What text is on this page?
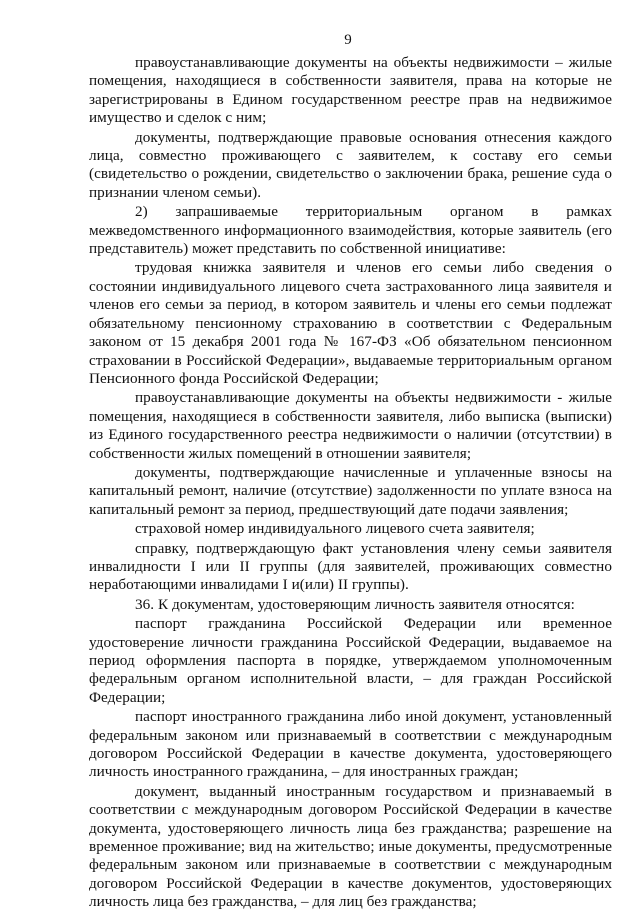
9

правоустанавливающие документы на объекты недвижимости – жилые помещения, находящиеся в собственности заявителя, права на которые не зарегистрированы в Едином государственном реестре прав на недвижимое имущество и сделок с ним;

документы, подтверждающие правовые основания отнесения каждого лица, совместно проживающего с заявителем, к составу его семьи (свидетельство о рождении, свидетельство о заключении брака, решение суда о признании членом семьи).

2) запрашиваемые территориальным органом в рамках межведомственного информационного взаимодействия, которые заявитель (его представитель) может представить по собственной инициативе:

трудовая книжка заявителя и членов его семьи либо сведения о состоянии индивидуального лицевого счета застрахованного лица заявителя и членов его семьи за период, в котором заявитель и члены его семьи подлежат обязательному пенсионному страхованию в соответствии с Федеральным законом от 15 декабря 2001 года № 167-ФЗ «Об обязательном пенсионном страховании в Российской Федерации», выдаваемые территориальным органом Пенсионного фонда Российской Федерации;

правоустанавливающие документы на объекты недвижимости - жилые помещения, находящиеся в собственности заявителя, либо выписка (выписки) из Единого государственного реестра недвижимости о наличии (отсутствии) в собственности жилых помещений в отношении заявителя;

документы, подтверждающие начисленные и уплаченные взносы на капитальный ремонт, наличие (отсутствие) задолженности по уплате взноса на капитальный ремонт за период, предшествующий дате подачи заявления;

страховой номер индивидуального лицевого счета заявителя;

справку, подтверждающую факт установления члену семьи заявителя инвалидности I или II группы (для заявителей, проживающих совместно неработающими инвалидами I и(или) II группы).

36. К документам, удостоверяющим личность заявителя относятся:

паспорт гражданина Российской Федерации или временное удостоверение личности гражданина Российской Федерации, выдаваемое на период оформления паспорта в порядке, утверждаемом уполномоченным федеральным органом исполнительной власти, – для граждан Российской Федерации;

паспорт иностранного гражданина либо иной документ, установленный федеральным законом или признаваемый в соответствии с международным договором Российской Федерации в качестве документа, удостоверяющего личность иностранного гражданина, – для иностранных граждан;

документ, выданный иностранным государством и признаваемый в соответствии с международным договором Российской Федерации в качестве документа, удостоверяющего личность лица без гражданства; разрешение на временное проживание; вид на жительство; иные документы, предусмотренные федеральным законом или признаваемые в соответствии с международным договором Российской Федерации в качестве документов, удостоверяющих личность лица без гражданства, – для лиц без гражданства;
